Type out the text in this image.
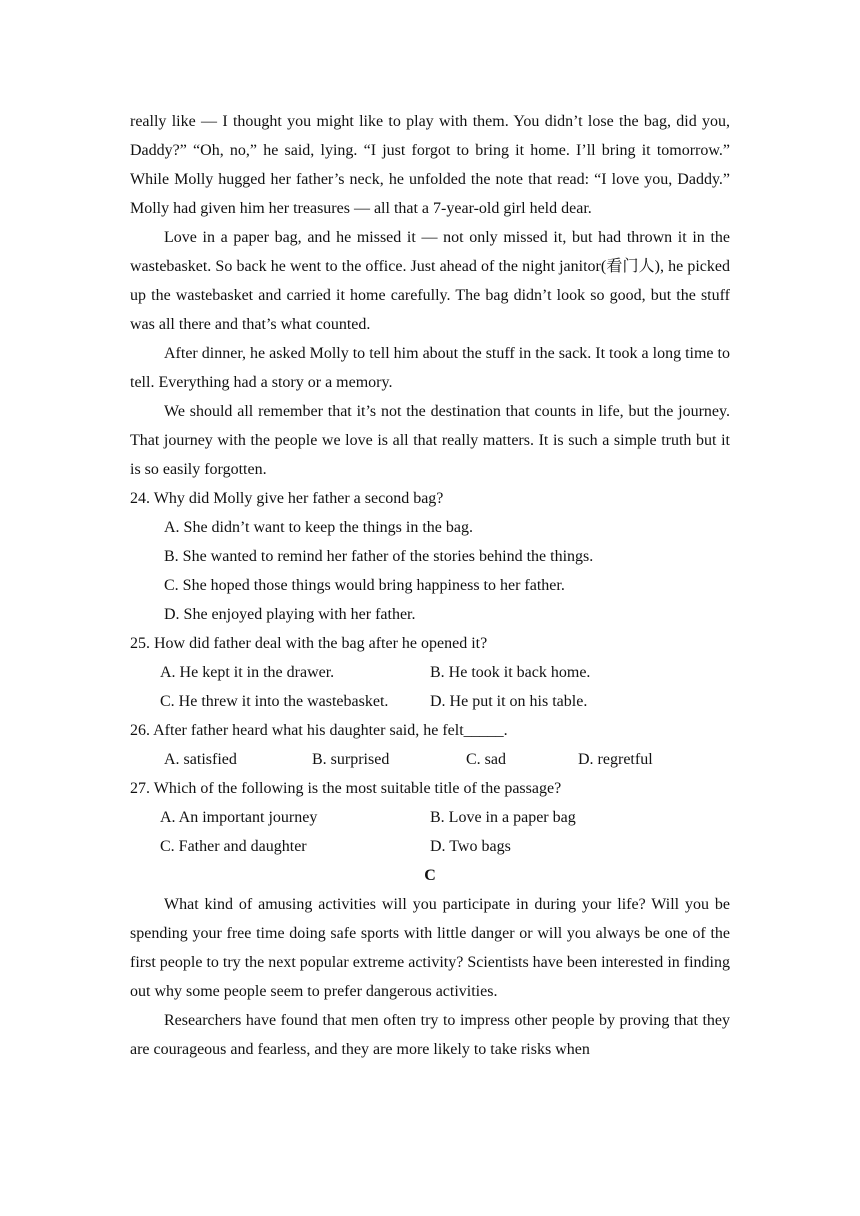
really like — I thought you might like to play with them. You didn’t lose the bag, did you, Daddy?” “Oh, no,” he said, lying. “I just forgot to bring it home. I’ll bring it tomorrow.” While Molly hugged her father’s neck, he unfolded the note that read: “I love you, Daddy.” Molly had given him her treasures — all that a 7-year-old girl held dear.

Love in a paper bag, and he missed it — not only missed it, but had thrown it in the wastebasket. So back he went to the office. Just ahead of the night janitor(看门人), he picked up the wastebasket and carried it home carefully. The bag didn’t look so good, but the stuff was all there and that’s what counted.

After dinner, he asked Molly to tell him about the stuff in the sack. It took a long time to tell. Everything had a story or a memory.

We should all remember that it’s not the destination that counts in life, but the journey. That journey with the people we love is all that really matters. It is such a simple truth but it is so easily forgotten.

24. Why did Molly give her father a second bag?

A. She didn’t want to keep the things in the bag.

B. She wanted to remind her father of the stories behind the things.

C. She hoped those things would bring happiness to her father.

D. She enjoyed playing with her father.

25. How did father deal with the bag after he opened it?

A. He kept it in the drawer.	B. He took it back home.
C. He threw it into the wastebasket.	D. He put it on his table.

26. After father heard what his daughter said, he felt_____.

A. satisfied	B. surprised	C. sad	D. regretful

27. Which of the following is the most suitable title of the passage?

A. An important journey	B. Love in a paper bag
C. Father and daughter	D. Two bags

C

What kind of amusing activities will you participate in during your life? Will you be spending your free time doing safe sports with little danger or will you always be one of the first people to try the next popular extreme activity? Scientists have been interested in finding out why some people seem to prefer dangerous activities.

Researchers have found that men often try to impress other people by proving that they are courageous and fearless, and they are more likely to take risks when
